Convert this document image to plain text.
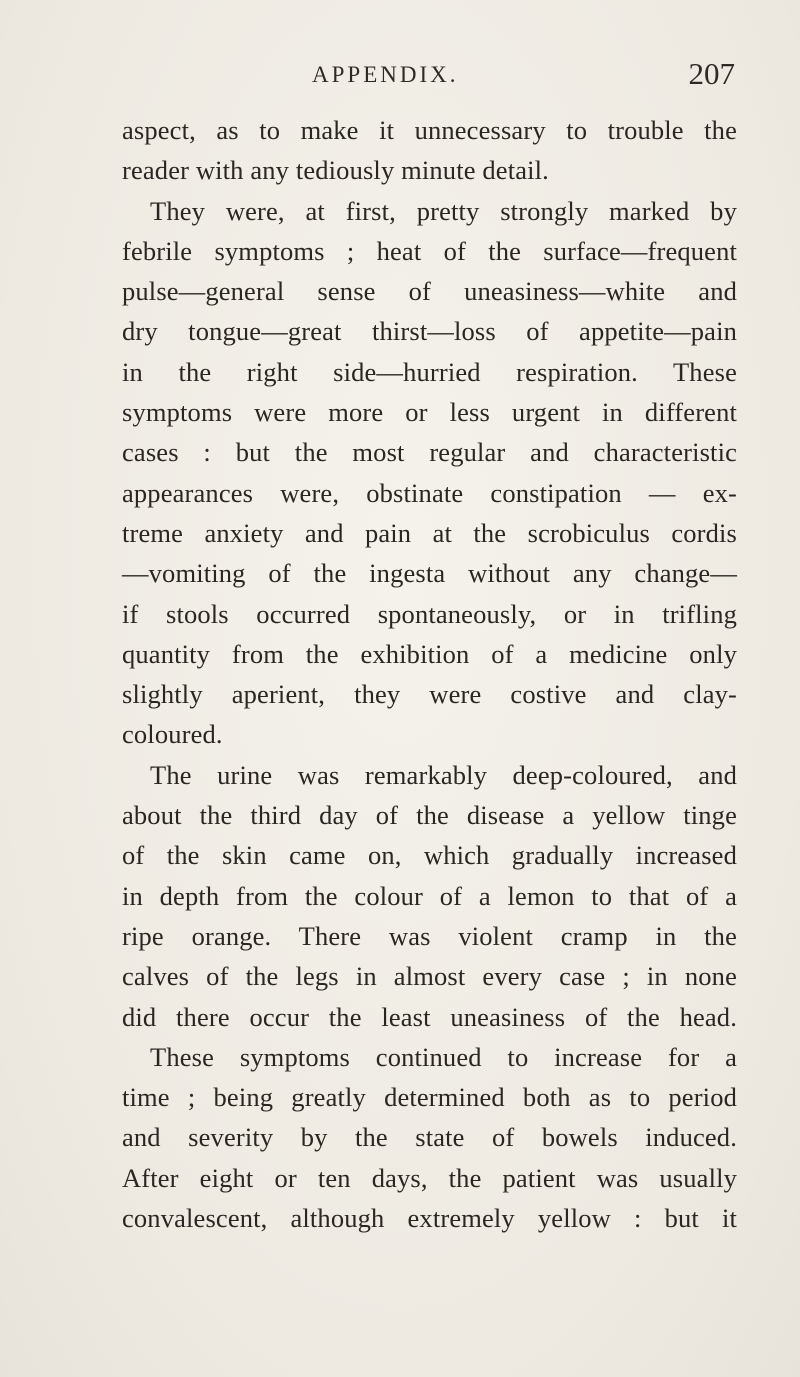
APPENDIX.	207
aspect, as to make it unnecessary to trouble the
reader with any tediously minute detail.
They were, at first, pretty strongly marked by
febrile symptoms ; heat of the surface—frequent
pulse—general sense of uneasiness—white and
dry tongue—great thirst—loss of appetite—pain
in the right side—hurried respiration. These
symptoms were more or less urgent in different
cases : but the most regular and characteristic
appearances were, obstinate constipation — ex-
treme anxiety and pain at the scrobiculus cordis
—vomiting of the ingesta without any change—
if stools occurred spontaneously, or in trifling
quantity from the exhibition of a medicine only
slightly aperient, they were costive and clay-
coloured.
The urine was remarkably deep-coloured, and
about the third day of the disease a yellow tinge
of the skin came on, which gradually increased
in depth from the colour of a lemon to that of a
ripe orange. There was violent cramp in the
calves of the legs in almost every case ; in none
did there occur the least uneasiness of the head.
These symptoms continued to increase for a
time ; being greatly determined both as to period
and severity by the state of bowels induced.
After eight or ten days, the patient was usually
convalescent, although extremely yellow : but it
